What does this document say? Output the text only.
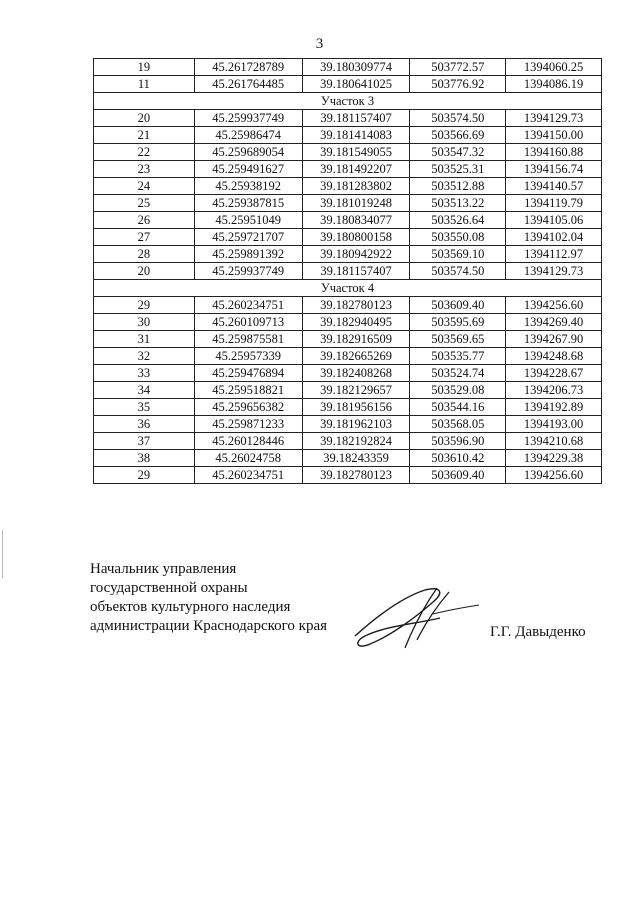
3
19	45.261728789	39.180309774	503772.57	1394060.25
11	45.261764485	39.180641025	503776.92	1394086.19
Участок 3				
20	45.259937749	39.181157407	503574.50	1394129.73
21	45.25986474	39.181414083	503566.69	1394150.00
22	45.259689054	39.181549055	503547.32	1394160.88
23	45.259491627	39.181492207	503525.31	1394156.74
24	45.25938192	39.181283802	503512.88	1394140.57
25	45.259387815	39.181019248	503513.22	1394119.79
26	45.25951049	39.180834077	503526.64	1394105.06
27	45.259721707	39.180800158	503550.08	1394102.04
28	45.259891392	39.180942922	503569.10	1394112.97
20	45.259937749	39.181157407	503574.50	1394129.73
Участок 4				
29	45.260234751	39.182780123	503609.40	1394256.60
30	45.260109713	39.182940495	503595.69	1394269.40
31	45.259875581	39.182916509	503569.65	1394267.90
32	45.25957339	39.182665269	503535.77	1394248.68
33	45.259476894	39.182408268	503524.74	1394228.67
34	45.259518821	39.182129657	503529.08	1394206.73
35	45.259656382	39.181956156	503544.16	1394192.89
36	45.259871233	39.181962103	503568.05	1394193.00
37	45.260128446	39.182192824	503596.90	1394210.68
38	45.26024758	39.18243359	503610.42	1394229.38
29	45.260234751	39.182780123	503609.40	1394256.60
Начальник управления
государственной охраны
объектов культурного наследия
администрации Краснодарского края	Г.Г. Давыденко
